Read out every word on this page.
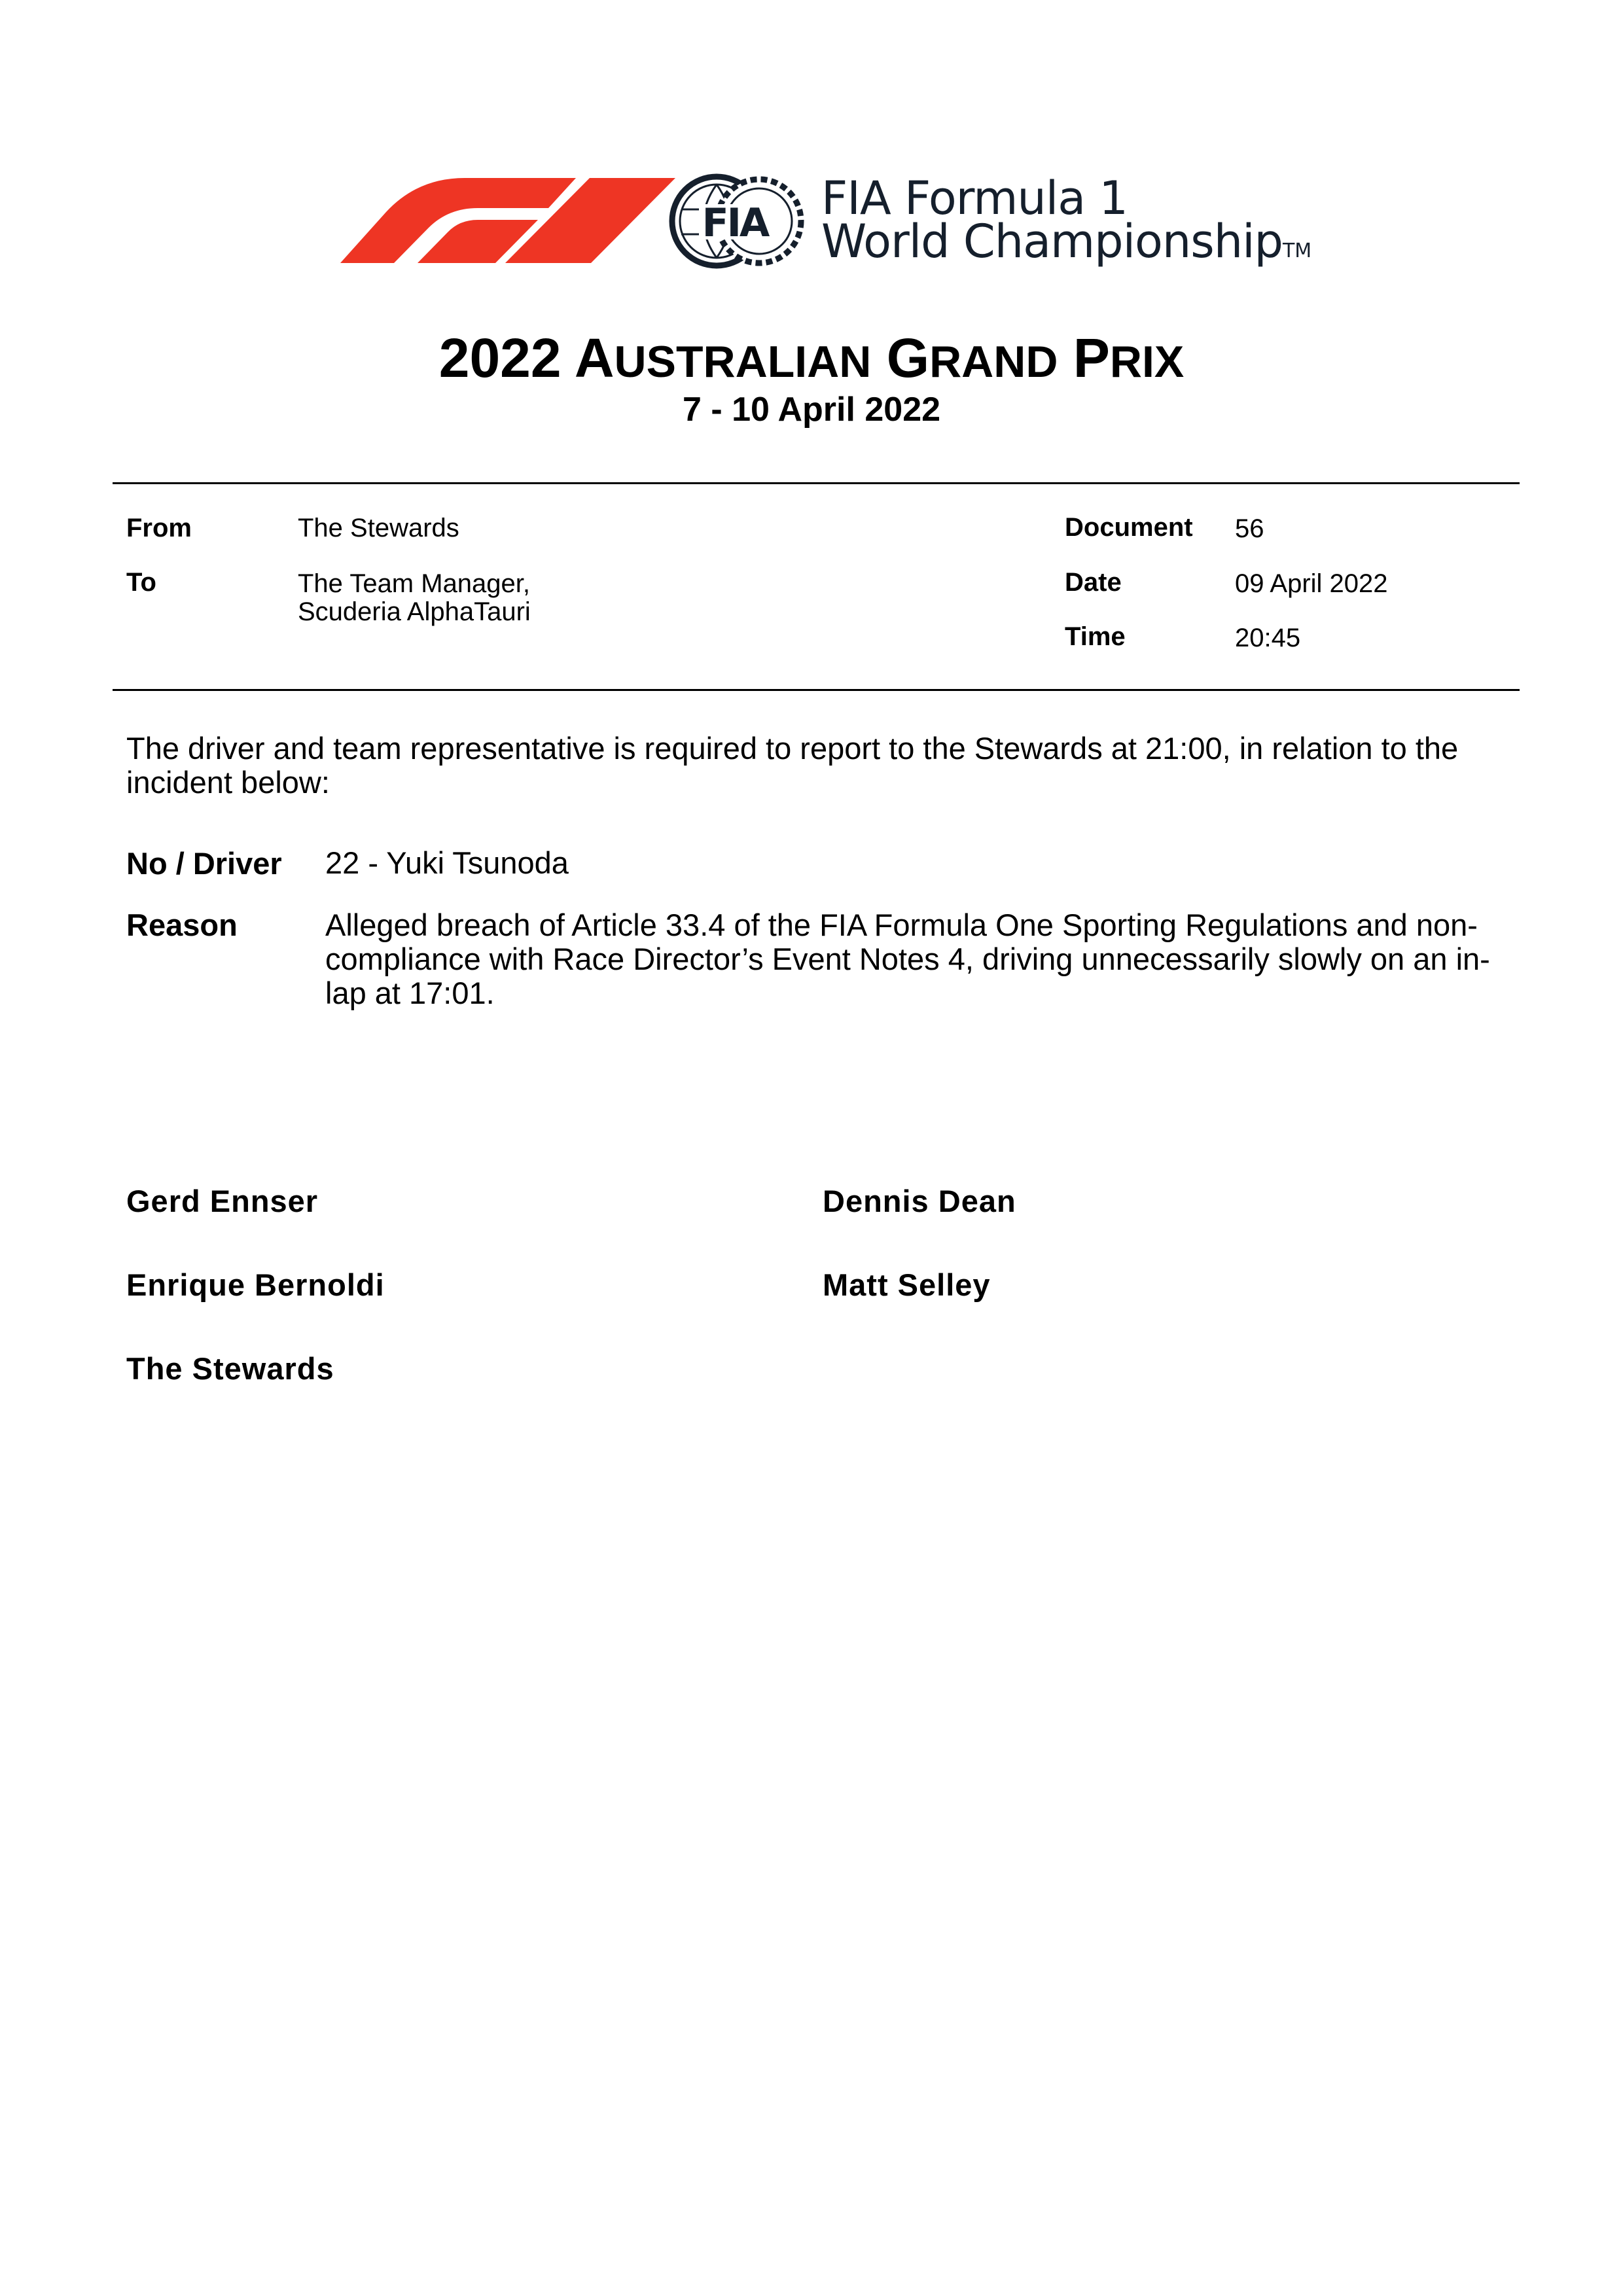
FIA FIA Formula 1
World ChampionshipTM
2022 AUSTRALIAN GRAND PRIX
7 - 10 April 2022
From	The Stewards
To	The Team Manager,
Scuderia AlphaTauri
Document 56
Date	09 April 2022
Time	20:45
The driver and team representative is required to report to the Stewards at 21:00, in relation to the incident below:
No / Driver 22 - Yuki Tsunoda
Reason	Alleged breach of Article 33.4 of the FIA Formula One Sporting Regulations and non-compliance with Race Director’s Event Notes 4, driving unnecessarily slowly on an in-lap at 17:01.
Gerd Ennser	Dennis Dean
Enrique Bernoldi	Matt Selley
The Stewards
